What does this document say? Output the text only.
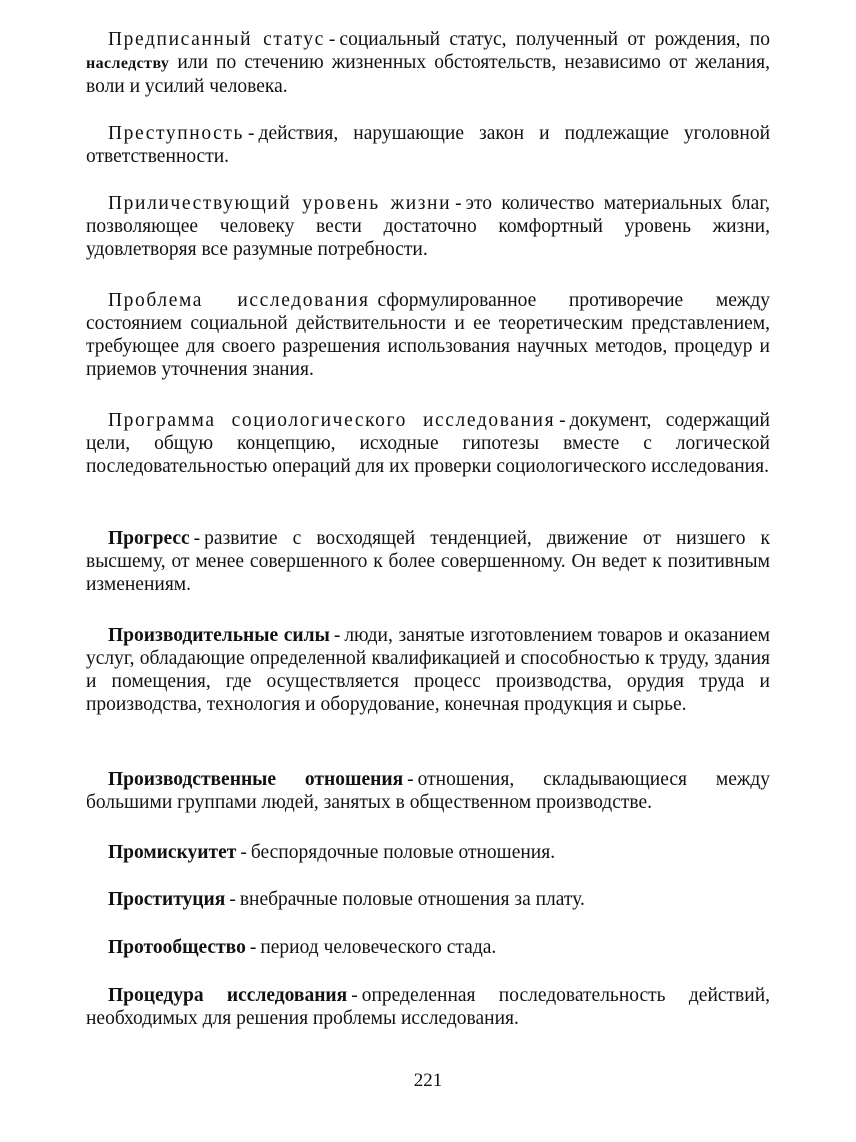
Предписанный статус - социальный статус, полученный от рождения, по наследству или по стечению жизненных обстоятельств, независимо от желания, воли и усилий человека.

Преступность - действия, нарушающие закон и подлежащие уголовной ответственности.

Приличествующий уровень жизни - это количество материальных благ, позволяющее человеку вести достаточно комфортный уровень жизни, удовлетворяя все разумные потребности.

Проблема исследования сформулированное противоречие между состоянием социальной действительности и ее теоретическим представлением, требующее для своего разрешения использования научных методов, процедур и приемов уточнения знания.

Программа социологического исследования - документ, содержащий цели, общую концепцию, исходные гипотезы вместе с логической последовательностью операций для их проверки социологического исследования.

Прогресс - развитие с восходящей тенденцией, движение от низшего к высшему, от менее совершенного к более совершенному. Он ведет к позитивным изменениям.

Производительные силы - люди, занятые изготовлением товаров и оказанием услуг, обладающие определенной квалификацией и способностью к труду, здания и помещения, где осуществляется процесс производства, орудия труда и производства, технология и оборудование, конечная продукция и сырье.

Производственные отношения - отношения, складывающиеся между большими группами людей, занятых в общественном производстве.

Промискуитет - беспорядочные половые отношения.

Проституция - внебрачные половые отношения за плату.

Протообщество - период человеческого стада.

Процедура исследования - определенная последовательность действий, необходимых для решения проблемы исследования.

221
